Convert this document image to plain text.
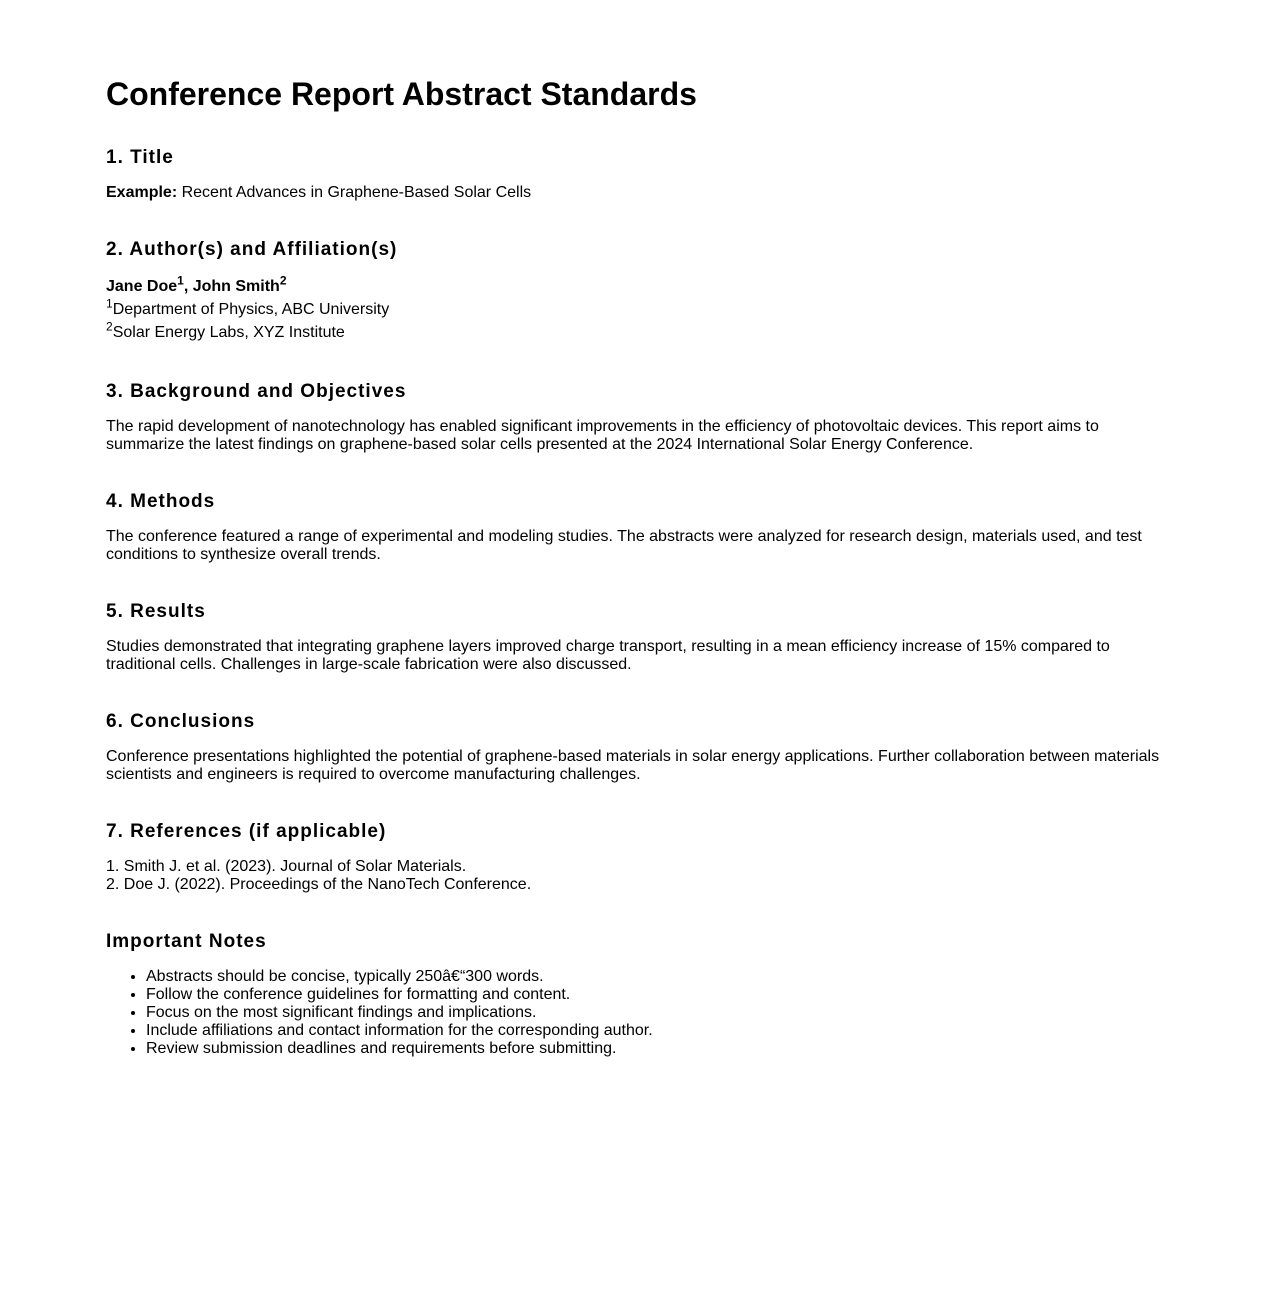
Conference Report Abstract Standards
1. Title

Example: Recent Advances in Graphene-Based Solar Cells

2. Author(s) and Affiliation(s)
Jane Doe$^1$, John Smith$^2$
$^1$Department of Physics, ABC University
$^2$Solar Energy Labs, XYZ Institute
3. Background and Objectives

The rapid development of nanotechnology has enabled significant improvements in the efficiency of photovoltaic devices. This report aims to summarize the latest findings on graphene-based solar cells presented at the 2024 International Solar Energy Conference.

4. Methods

The conference featured a range of experimental and modeling studies. The abstracts were analyzed for research design, materials used, and test conditions to synthesize overall trends.

5. Results

Studies demonstrated that integrating graphene layers improved charge transport, resulting in a mean efficiency increase of 15% compared to traditional cells. Challenges in large-scale fabrication were also discussed.

6. Conclusions

Conference presentations highlighted the potential of graphene-based materials in solar energy applications. Further collaboration between materials scientists and engineers is required to overcome manufacturing challenges.

7. References (if applicable)
1. Smith J. et al. (2023). Journal of Solar Materials.
2. Doe J. (2022). Proceedings of the NanoTech Conference.
Important Notes
• Abstracts should be concise, typically 250â€“300 words.
• Follow the conference guidelines for formatting and content.
• Focus on the most significant findings and implications.
• Include affiliations and contact information for the corresponding author.
• Review submission deadlines and requirements before submitting.
